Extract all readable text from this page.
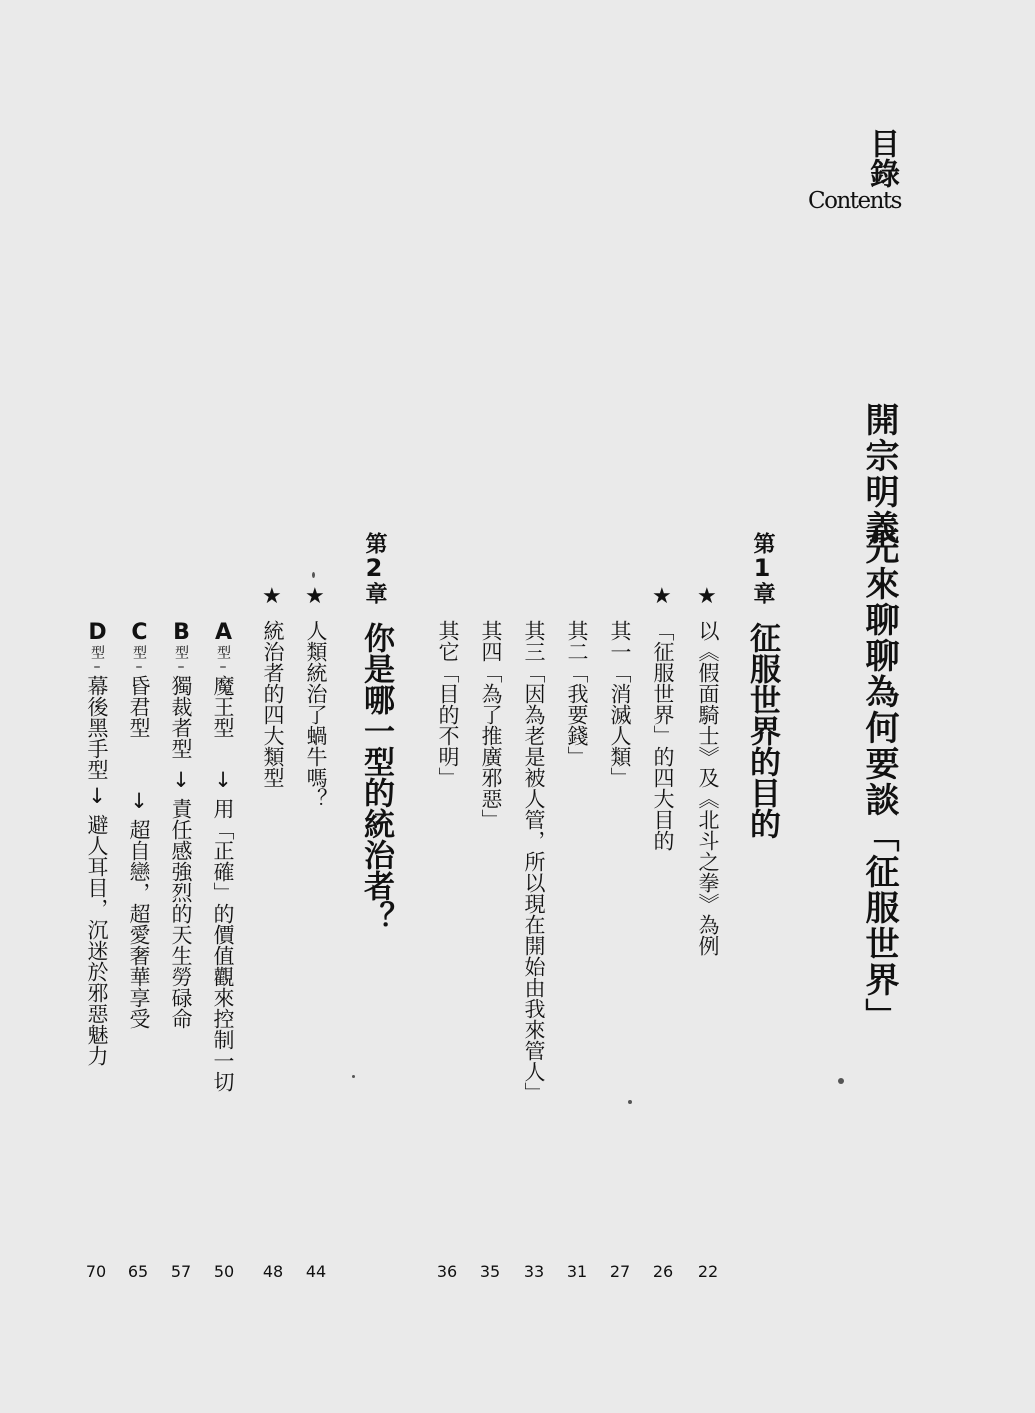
目錄
Contents
開宗明義
先來聊聊為何要談「征服世界」
第1章
征服世界的目的
★
以《假面騎士》及《北斗之拳》為例
★
「征服世界」的四大目的
其一「消滅人類」
其二「我要錢」
其三「因為老是被人管，所以現在開始由我來管人」
其四「為了推廣邪惡」
其它「目的不明」
第2章
你是哪一型的統治者？
★
人類統治了蝸牛嗎？
★
統治者的四大類型
A型–魔王型↓用「正確」的價值觀來控制一切
B型–獨裁者型↓責任感強烈的天生勞碌命
C型–昏君型↓超自戀，超愛奢華享受
D型–幕後黑手型↓避人耳目，沉迷於邪惡魅力
22
26
27
31
33
35
36
44
48
50
57
65
70
